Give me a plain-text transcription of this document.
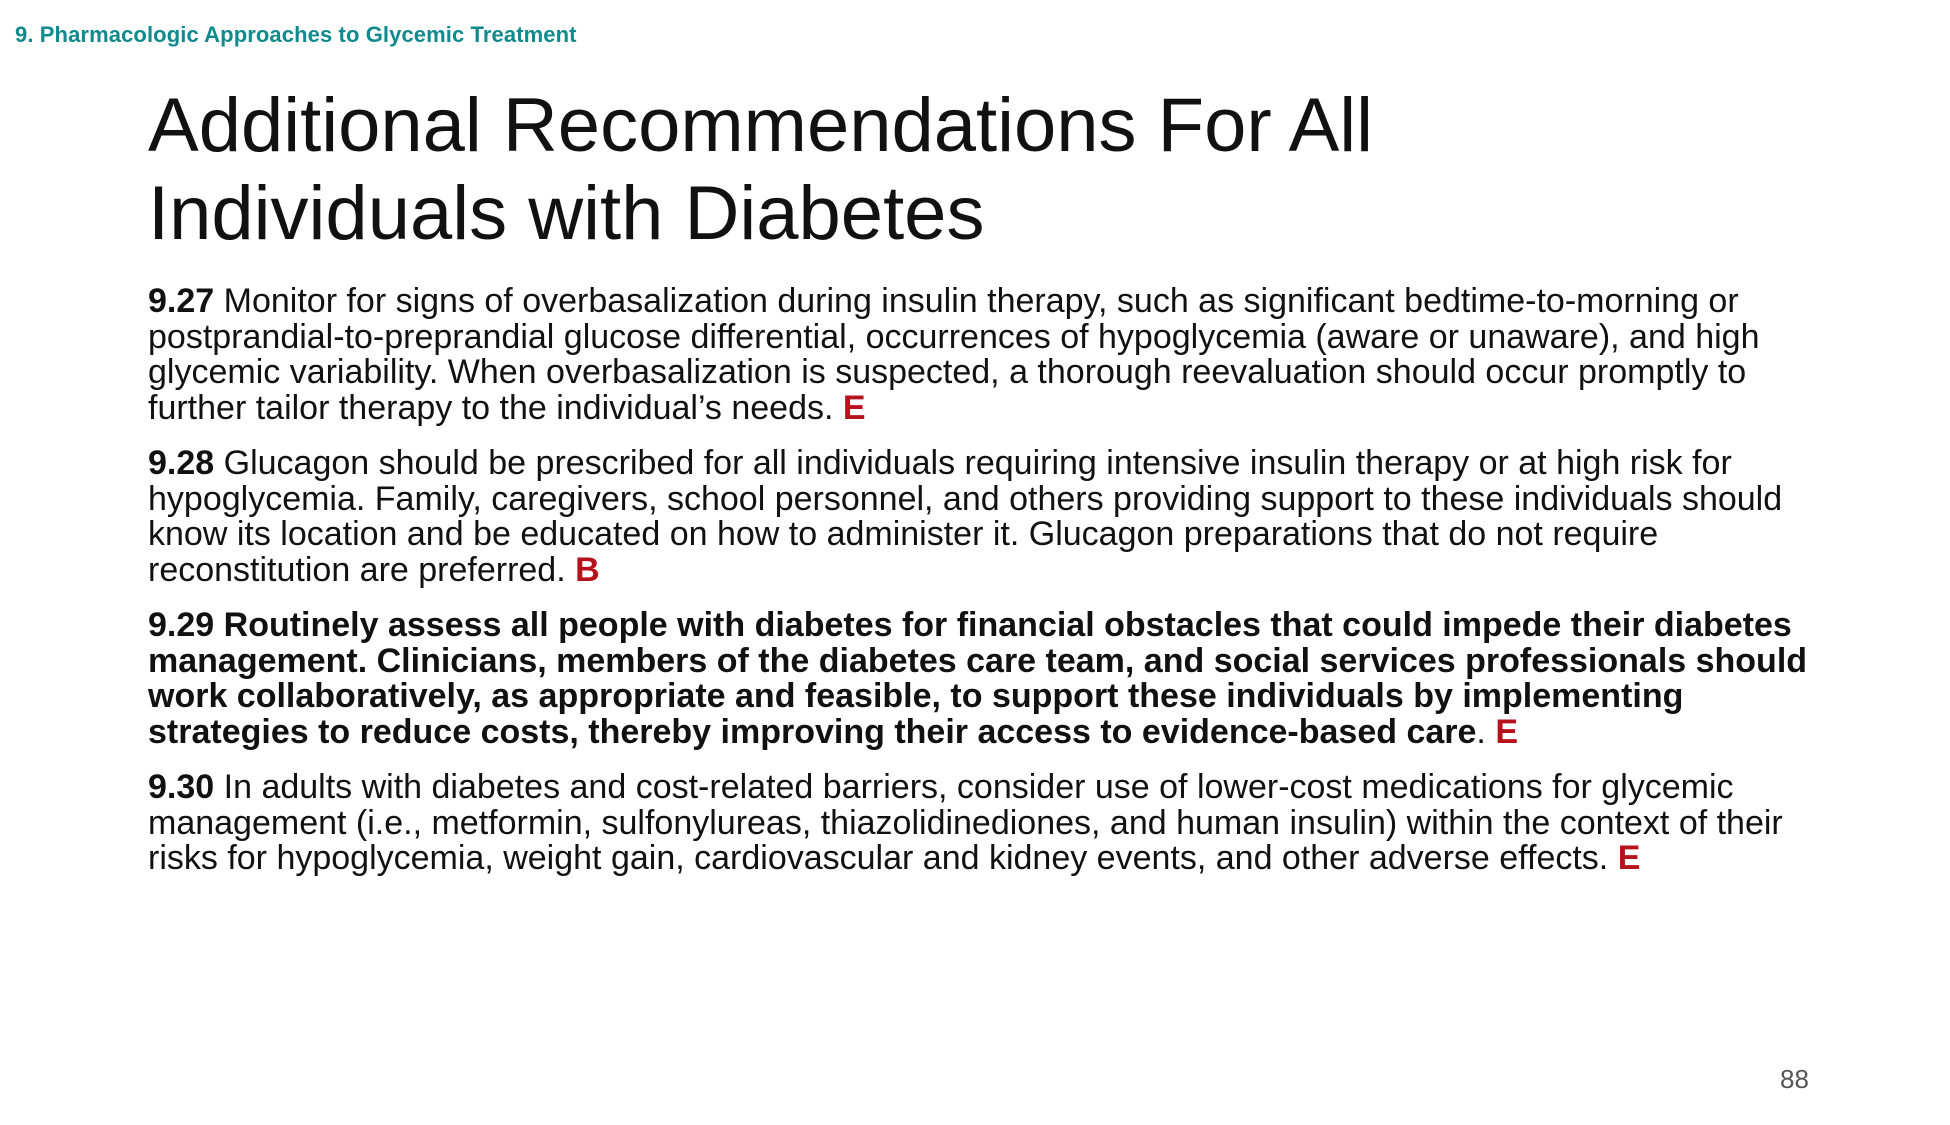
9. Pharmacologic Approaches to Glycemic Treatment
Additional Recommendations For All
Individuals with Diabetes

9.27 Monitor for signs of overbasalization during insulin therapy, such as significant bedtime-to-morning or postprandial-to-preprandial glucose differential, occurrences of hypoglycemia (aware or unaware), and high glycemic variability. When overbasalization is suspected, a thorough reevaluation should occur promptly to further tailor therapy to the individual’s needs. E

9.28 Glucagon should be prescribed for all individuals requiring intensive insulin therapy or at high risk for hypoglycemia. Family, caregivers, school personnel, and others providing support to these individuals should know its location and be educated on how to administer it. Glucagon preparations that do not require reconstitution are preferred. B

9.29 Routinely assess all people with diabetes for financial obstacles that could impede their diabetes management. Clinicians, members of the diabetes care team, and social services professionals should work collaboratively, as appropriate and feasible, to support these individuals by implementing strategies to reduce costs, thereby improving their access to evidence-based care. E

9.30 In adults with diabetes and cost-related barriers, consider use of lower-cost medications for glycemic management (i.e., metformin, sulfonylureas, thiazolidinediones, and human insulin) within the context of their risks for hypoglycemia, weight gain, cardiovascular and kidney events, and other adverse effects. E

88
